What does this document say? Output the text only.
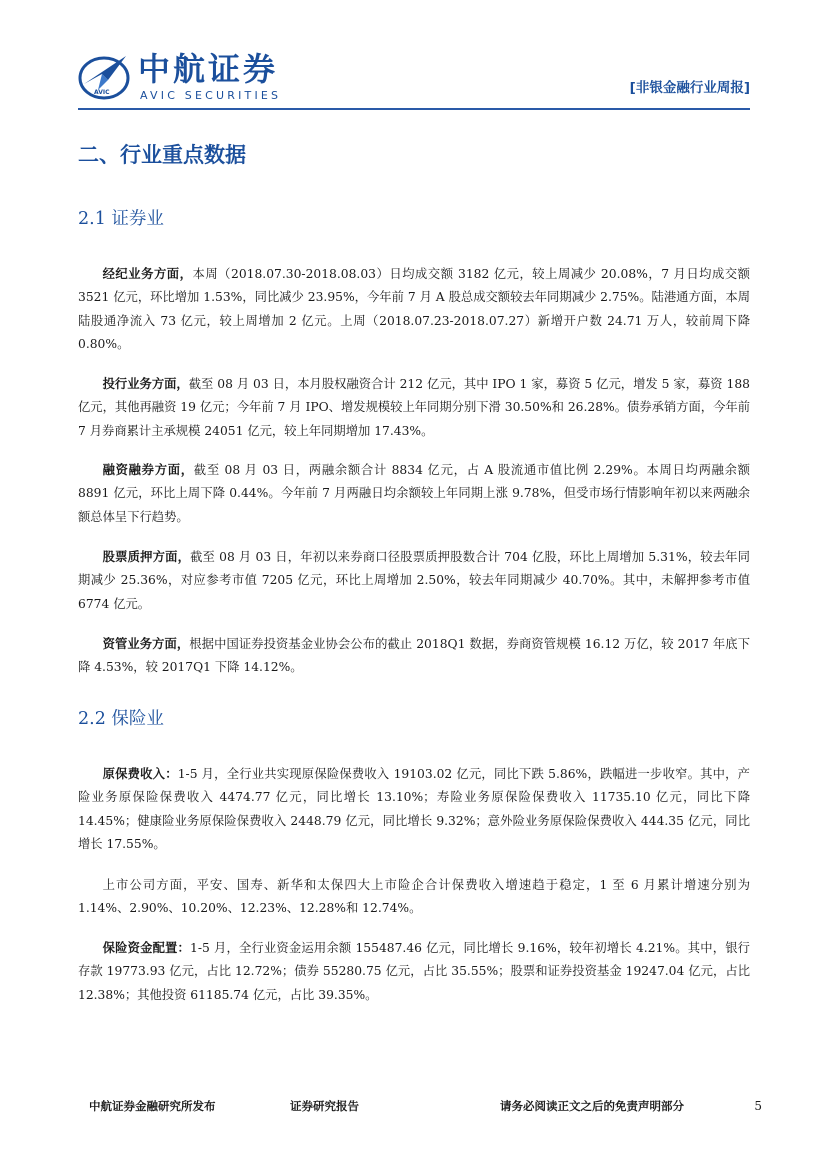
AVIC
中航证券
AVIC SECURITIES	[非银金融行业周报]
二、行业重点数据
2.1 证券业

经纪业务方面，本周（2018.07.30-2018.08.03）日均成交额 3182 亿元，较上周减少 20.08%，7 月日均成交额 3521 亿元，环比增加 1.53%，同比减少 23.95%，今年前 7 月 A 股总成交额较去年同期减少 2.75%。陆港通方面，本周陆股通净流入 73 亿元，较上周增加 2 亿元。上周（2018.07.23-2018.07.27）新增开户数 24.71 万人，较前周下降 0.80%。

投行业务方面，截至 08 月 03 日，本月股权融资合计 212 亿元，其中 IPO 1 家，募资 5 亿元，增发 5 家，募资 188 亿元，其他再融资 19 亿元；今年前 7 月 IPO、增发规模较上年同期分别下滑 30.50%和 26.28%。债券承销方面，今年前 7 月券商累计主承规模 24051 亿元，较上年同期增加 17.43%。

融资融券方面，截至 08 月 03 日，两融余额合计 8834 亿元，占 A 股流通市值比例 2.29%。本周日均两融余额 8891 亿元，环比上周下降 0.44%。今年前 7 月两融日均余额较上年同期上涨 9.78%，但受市场行情影响年初以来两融余额总体呈下行趋势。

股票质押方面，截至 08 月 03 日，年初以来券商口径股票质押股数合计 704 亿股，环比上周增加 5.31%，较去年同期减少 25.36%，对应参考市值 7205 亿元，环比上周增加 2.50%，较去年同期减少 40.70%。其中，未解押参考市值 6774 亿元。

资管业务方面，根据中国证券投资基金业协会公布的截止 2018Q1 数据，券商资管规模 16.12 万亿，较 2017 年底下降 4.53%，较 2017Q1 下降 14.12%。

2.2 保险业

原保费收入：1-5 月，全行业共实现原保险保费收入 19103.02 亿元，同比下跌 5.86%，跌幅进一步收窄。其中，产险业务原保险保费收入 4474.77 亿元，同比增长 13.10%；寿险业务原保险保费收入 11735.10 亿元，同比下降 14.45%；健康险业务原保险保费收入 2448.79 亿元，同比增长 9.32%；意外险业务原保险保费收入 444.35 亿元，同比增长 17.55%。

上市公司方面，平安、国寿、新华和太保四大上市险企合计保费收入增速趋于稳定，1 至 6 月累计增速分别为 1.14%、2.90%、10.20%、12.23%、12.28%和 12.74%。

保险资金配置：1-5 月，全行业资金运用余额 155487.46 亿元，同比增长 9.16%，较年初增长 4.21%。其中，银行存款 19773.93 亿元，占比 12.72%；债券 55280.75 亿元，占比 35.55%；股票和证券投资基金 19247.04 亿元，占比 12.38%；其他投资 61185.74 亿元，占比 39.35%。

中航证券金融研究所发布	证券研究报告	请务必阅读正文之后的免责声明部分	5
